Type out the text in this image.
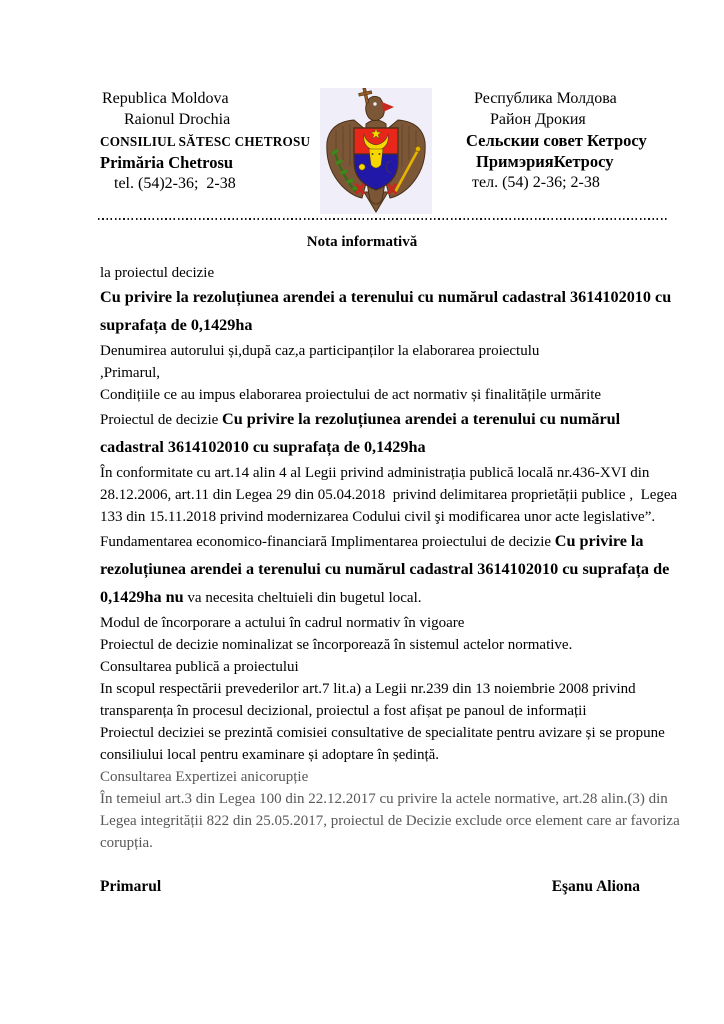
Republica Moldova
Raionul Drochia
CONSILIUL SĂTESC CHETROSU
Primăria Chetrosu
tel. (54)2-36;  2-38
Республика Молдова
Район Дрокия
Сельскии совет Кетросу
ПримэрияКетросу
тел. (54) 2-36; 2-38
Nota informativă
la proiectul decizie
Cu privire la rezoluțiunea arendei a terenului cu numărul cadastral 3614102010 cu suprafața de 0,1429ha
Denumirea autorului și,după caz,a participanților la elaborarea proiectulu
,Primarul,
Condițiile ce au impus elaborarea proiectului de act normativ și finalitățile urmărite
Proiectul de decizie Cu privire la rezoluțiunea arendei a terenului cu numărul cadastral 3614102010 cu suprafața de 0,1429ha
În conformitate cu art.14 alin 4 al Legii privind administrația publică locală nr.436-XVI din 28.12.2006, art.11 din Legea 29 din 05.04.2018  privind delimitarea proprietății publice ,  Legea 133 din 15.11.2018 privind modernizarea Codului civil şi modificarea unor acte legislative”.
Fundamentarea economico-financiară Implimentarea proiectului de decizie Cu privire la rezoluțiunea arendei a terenului cu numărul cadastral 3614102010 cu suprafața de 0,1429ha nu va necesita cheltuieli din bugetul local.
Modul de încorporare a actului în cadrul normativ în vigoare
Proiectul de decizie nominalizat se încorporează în sistemul actelor normative.
Consultarea publică a proiectului
In scopul respectării prevederilor art.7 lit.a) a Legii nr.239 din 13 noiembrie 2008 privind transparența în procesul decizional, proiectul a fost afișat pe panoul de informații
Proiectul deciziei se prezintă comisiei consultative de specialitate pentru avizare și se propune consiliului local pentru examinare și adoptare în ședință.
Consultarea Expertizei anicorupție
În temeiul art.3 din Legea 100 din 22.12.2017 cu privire la actele normative, art.28 alin.(3) din Legea integrității 822 din 25.05.2017, proiectul de Decizie exclude orce element care ar favoriza corupția.
Primarul	Eşanu Aliona
